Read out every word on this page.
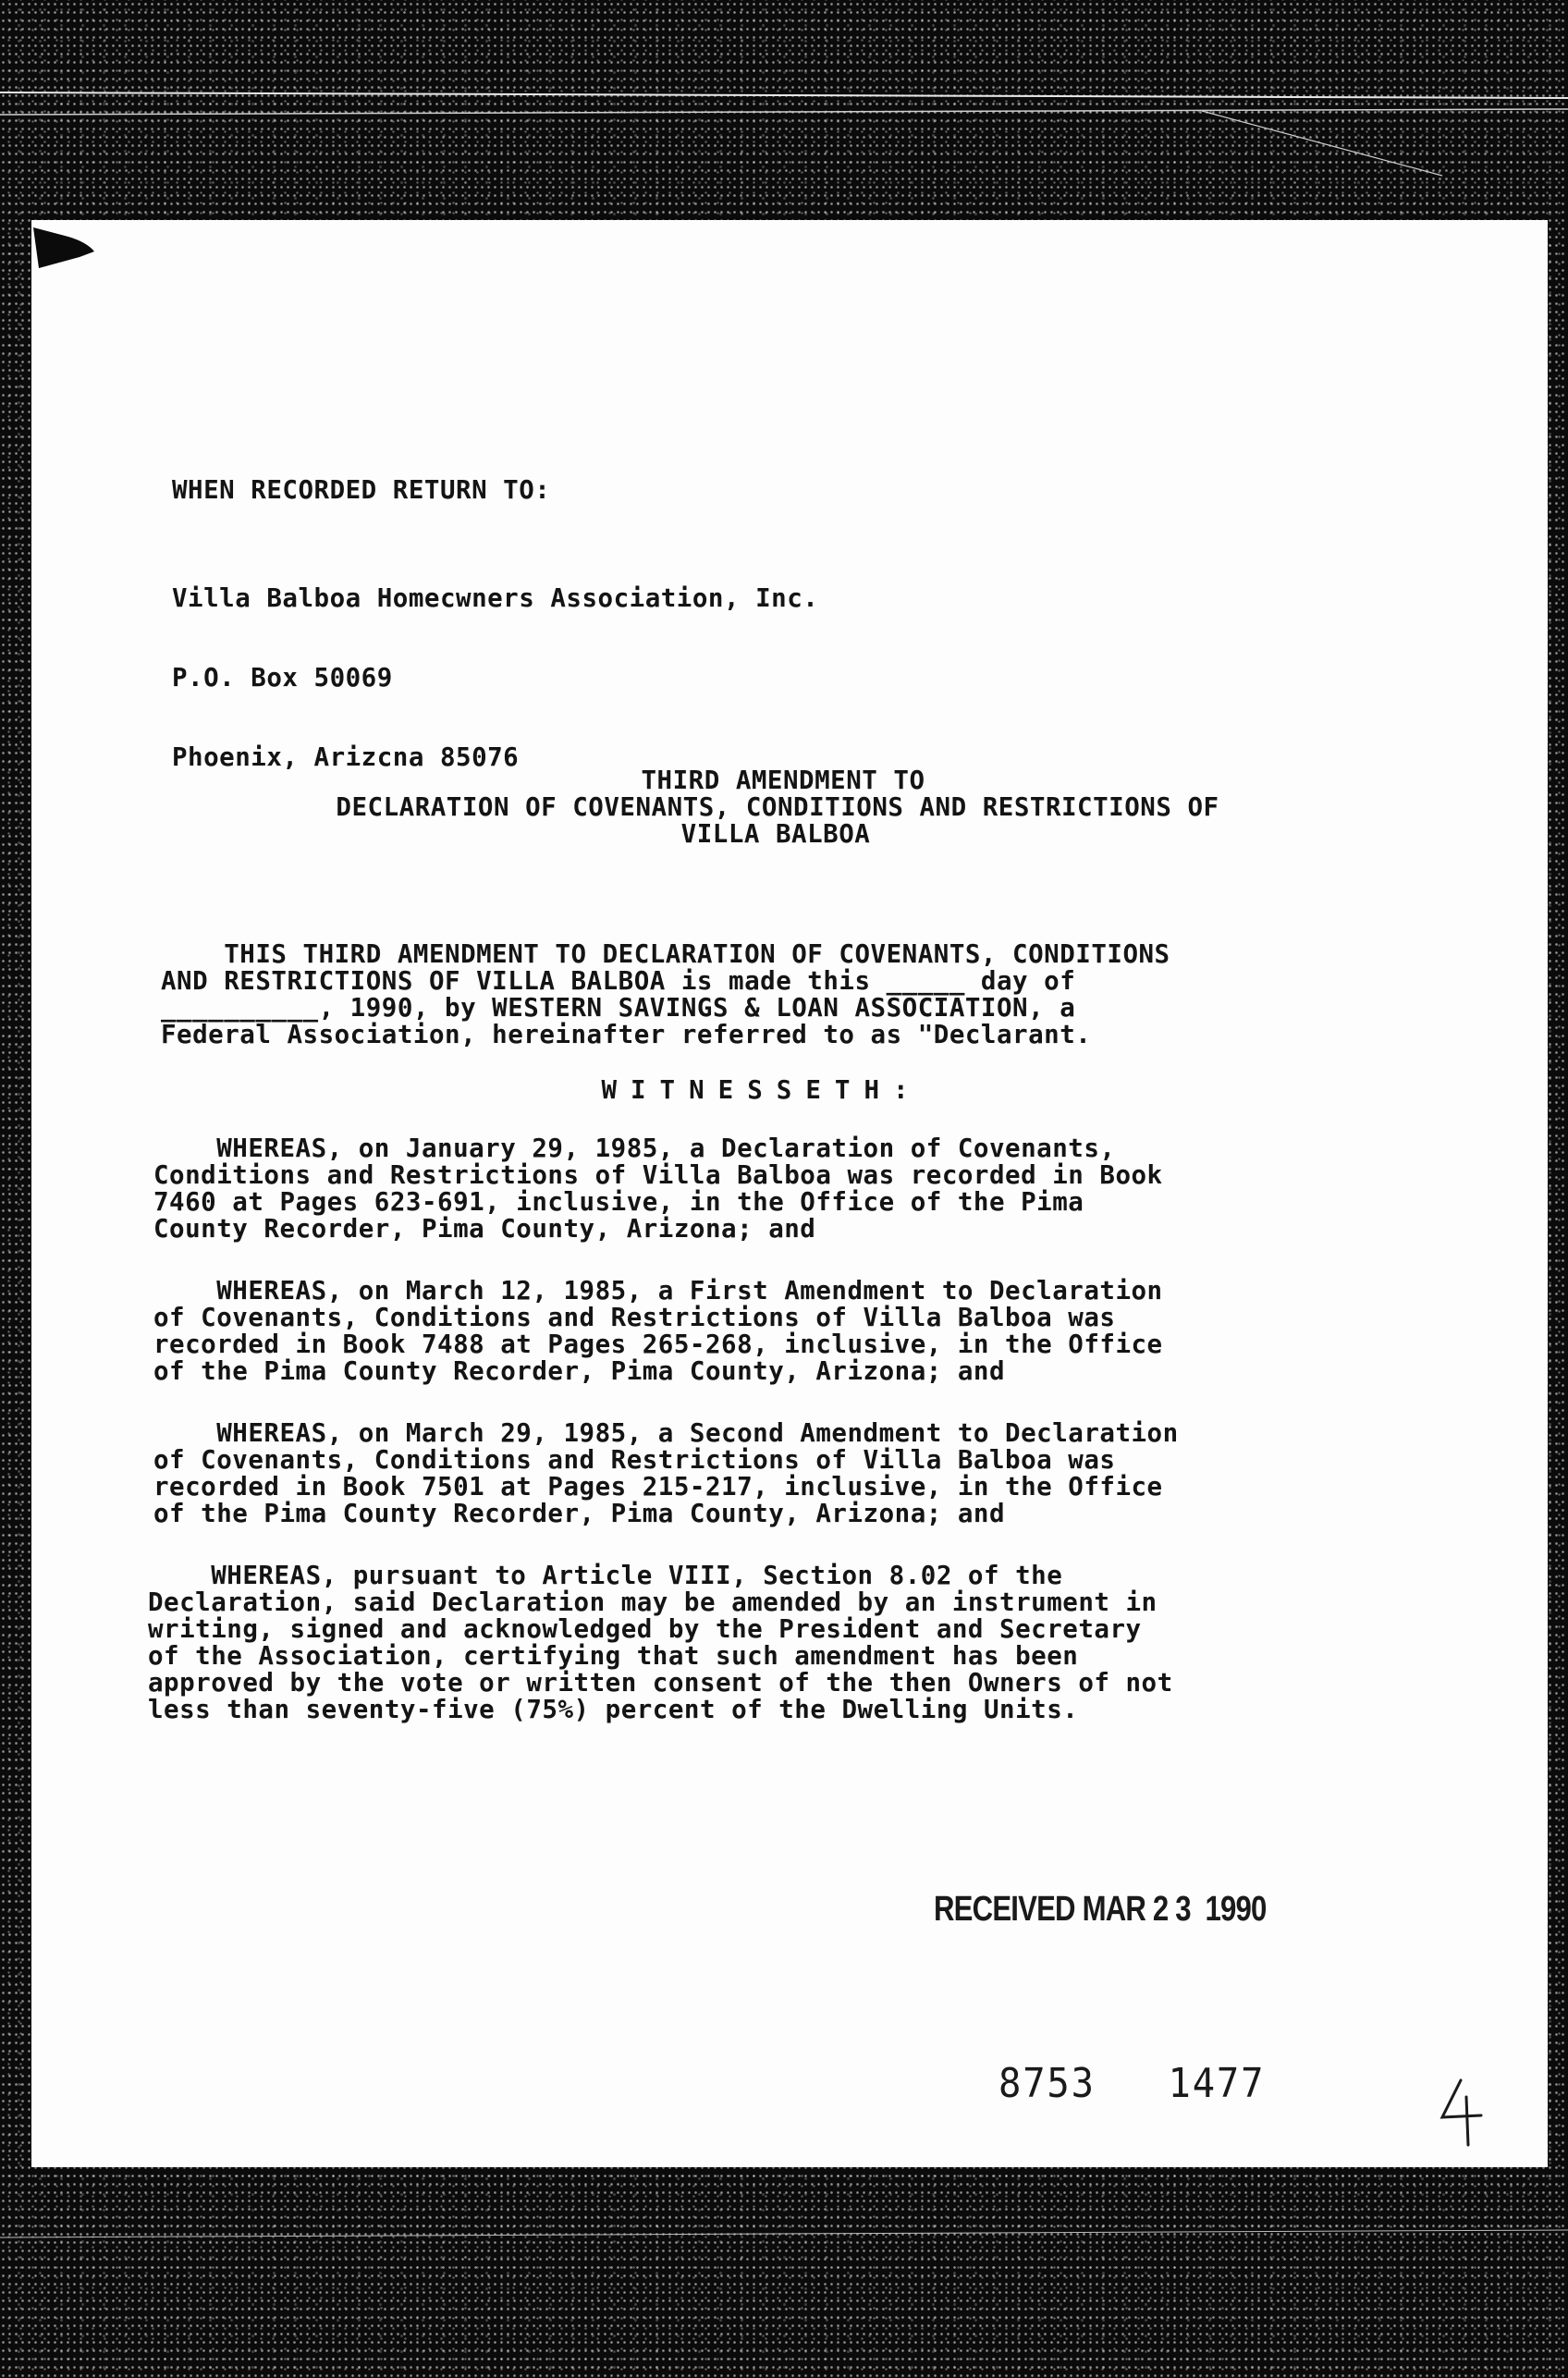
WHEN RECORDED RETURN TO:

Villa Balboa Homecwners Association, Inc.

P.O. Box 50069

Phoenix, Arizcna 85076

THIRD AMENDMENT TO
DECLARATION OF COVENANTS, CONDITIONS AND RESTRICTIONS OF
VILLA BALBOA
THIS THIRD AMENDMENT TO DECLARATION OF COVENANTS, CONDITIONS
AND RESTRICTIONS OF VILLA BALBOA is made this _____ day of
__________, 1990, by WESTERN SAVINGS & LOAN ASSOCIATION, a
Federal Association, hereinafter referred to as "Declarant.
WITNESSETH:
WHEREAS, on January 29, 1985, a Declaration of Covenants,
Conditions and Restrictions of Villa Balboa was recorded in Book
7460 at Pages 623-691, inclusive, in the Office of the Pima
County Recorder, Pima County, Arizona; and
WHEREAS, on March 12, 1985, a First Amendment to Declaration
of Covenants, Conditions and Restrictions of Villa Balboa was
recorded in Book 7488 at Pages 265-268, inclusive, in the Office
of the Pima County Recorder, Pima County, Arizona; and
WHEREAS, on March 29, 1985, a Second Amendment to Declaration
of Covenants, Conditions and Restrictions of Villa Balboa was
recorded in Book 7501 at Pages 215-217, inclusive, in the Office
of the Pima County Recorder, Pima County, Arizona; and
WHEREAS, pursuant to Article VIII, Section 8.02 of the
Declaration, said Declaration may be amended by an instrument in
writing, signed and acknowledged by the President and Secretary
of the Association, certifying that such amendment has been
approved by the vote or written consent of the then Owners of not
less than seventy-five (75%) percent of the Dwelling Units.
RECEIVED MAR 2 3  1990
8753   1477
